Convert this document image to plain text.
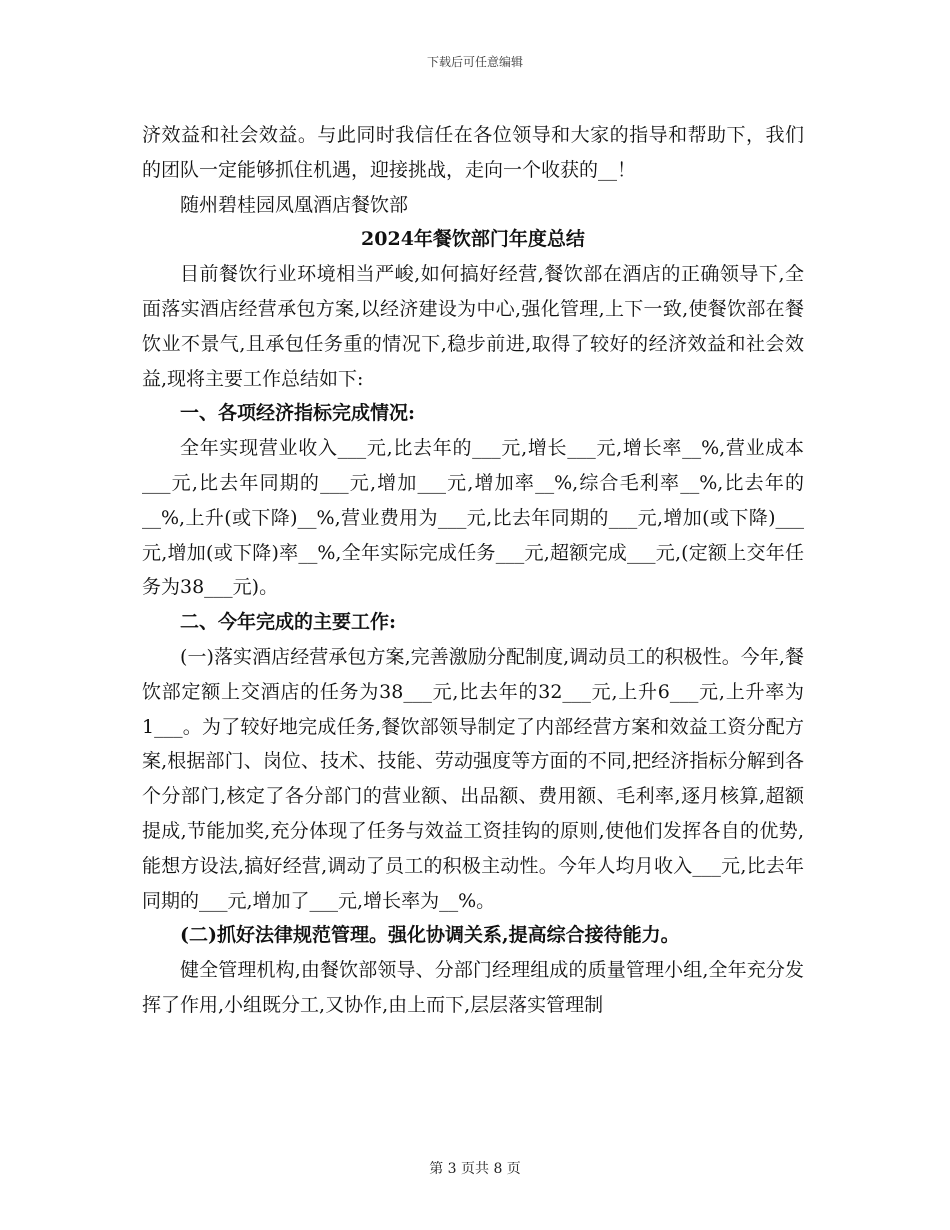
下载后可任意编辑

济效益和社会效益。与此同时我信任在各位领导和大家的指导和帮助下，我们的团队一定能够抓住机遇，迎接挑战，走向一个收获的__！

随州碧桂园凤凰酒店餐饮部

2024年餐饮部门年度总结

目前餐饮行业环境相当严峻,如何搞好经营,餐饮部在酒店的正确领导下,全面落实酒店经营承包方案,以经济建设为中心,强化管理,上下一致,使餐饮部在餐饮业不景气,且承包任务重的情况下,稳步前进,取得了较好的经济效益和社会效益,现将主要工作总结如下:

一、各项经济指标完成情况:

全年实现营业收入___元,比去年的___元,增长___元,增长率__%,营业成本___元,比去年同期的___元,增加___元,增加率__%,综合毛利率__%,比去年的__%,上升(或下降)__%,营业费用为___元,比去年同期的___元,增加(或下降)___元,增加(或下降)率__%,全年实际完成任务___元,超额完成___元,(定额上交年任务为38___元)。

二、今年完成的主要工作:

(一)落实酒店经营承包方案,完善激励分配制度,调动员工的积极性。今年,餐饮部定额上交酒店的任务为38___元,比去年的32___元,上升6___元,上升率为1___。为了较好地完成任务,餐饮部领导制定了内部经营方案和效益工资分配方案,根据部门、岗位、技术、技能、劳动强度等方面的不同,把经济指标分解到各个分部门,核定了各分部门的营业额、出品额、费用额、毛利率,逐月核算,超额提成,节能加奖,充分体现了任务与效益工资挂钩的原则,使他们发挥各自的优势,能想方设法,搞好经营,调动了员工的积极主动性。今年人均月收入___元,比去年同期的___元,增加了___元,增长率为__%。

(二)抓好法律规范管理。强化协调关系,提高综合接待能力。

健全管理机构,由餐饮部领导、分部门经理组成的质量管理小组,全年充分发挥了作用,小组既分工,又协作,由上而下,层层落实管理制

第 3 页共 8 页
